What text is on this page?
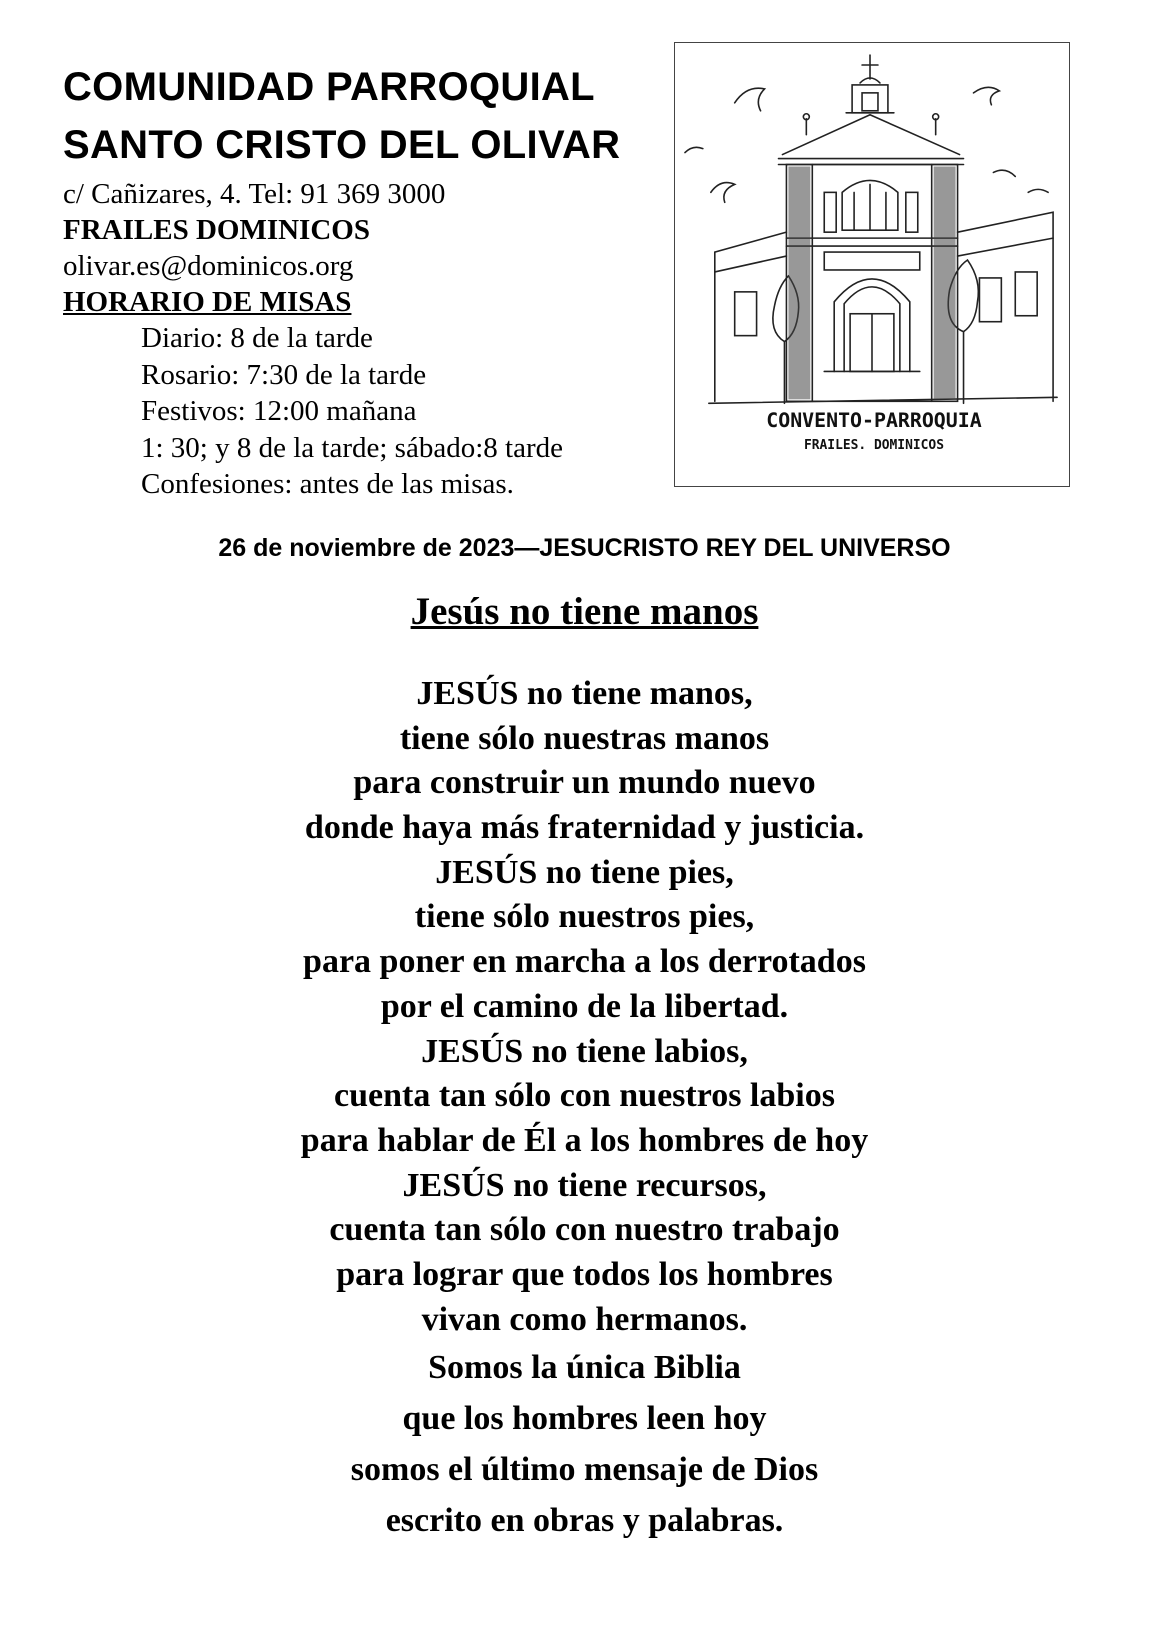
COMUNIDAD PARROQUIAL

SANTO CRISTO DEL OLIVAR

c/ Cañizares, 4. Tel: 91 369 3000

FRAILES DOMINICOS

olivar.es@dominicos.org

HORARIO DE MISAS

Diario: 8 de la tarde

Rosario: 7:30 de la tarde

Festivos: 12:00 mañana

1: 30; y 8 de la tarde; sábado:8 tarde

Confesiones: antes de las misas.

CONVENTO-PARROQUIA
FRAILES. DOMINICOS
26 de noviembre de 2023—JESUCRISTO REY DEL UNIVERSO
Jesús no tiene manos
JESÚS no tiene manos,
tiene sólo nuestras manos
para construir un mundo nuevo
donde haya más fraternidad y justicia.
JESÚS no tiene pies,
tiene sólo nuestros pies,
para poner en marcha a los derrotados
por el camino de la libertad.
JESÚS no tiene labios,
cuenta tan sólo con nuestros labios
para hablar de Él a los hombres de hoy
JESÚS no tiene recursos,
cuenta tan sólo con nuestro trabajo
para lograr que todos los hombres
vivan como hermanos.
Somos la única Biblia
que los hombres leen hoy
somos el último mensaje de Dios
escrito en obras y palabras.
